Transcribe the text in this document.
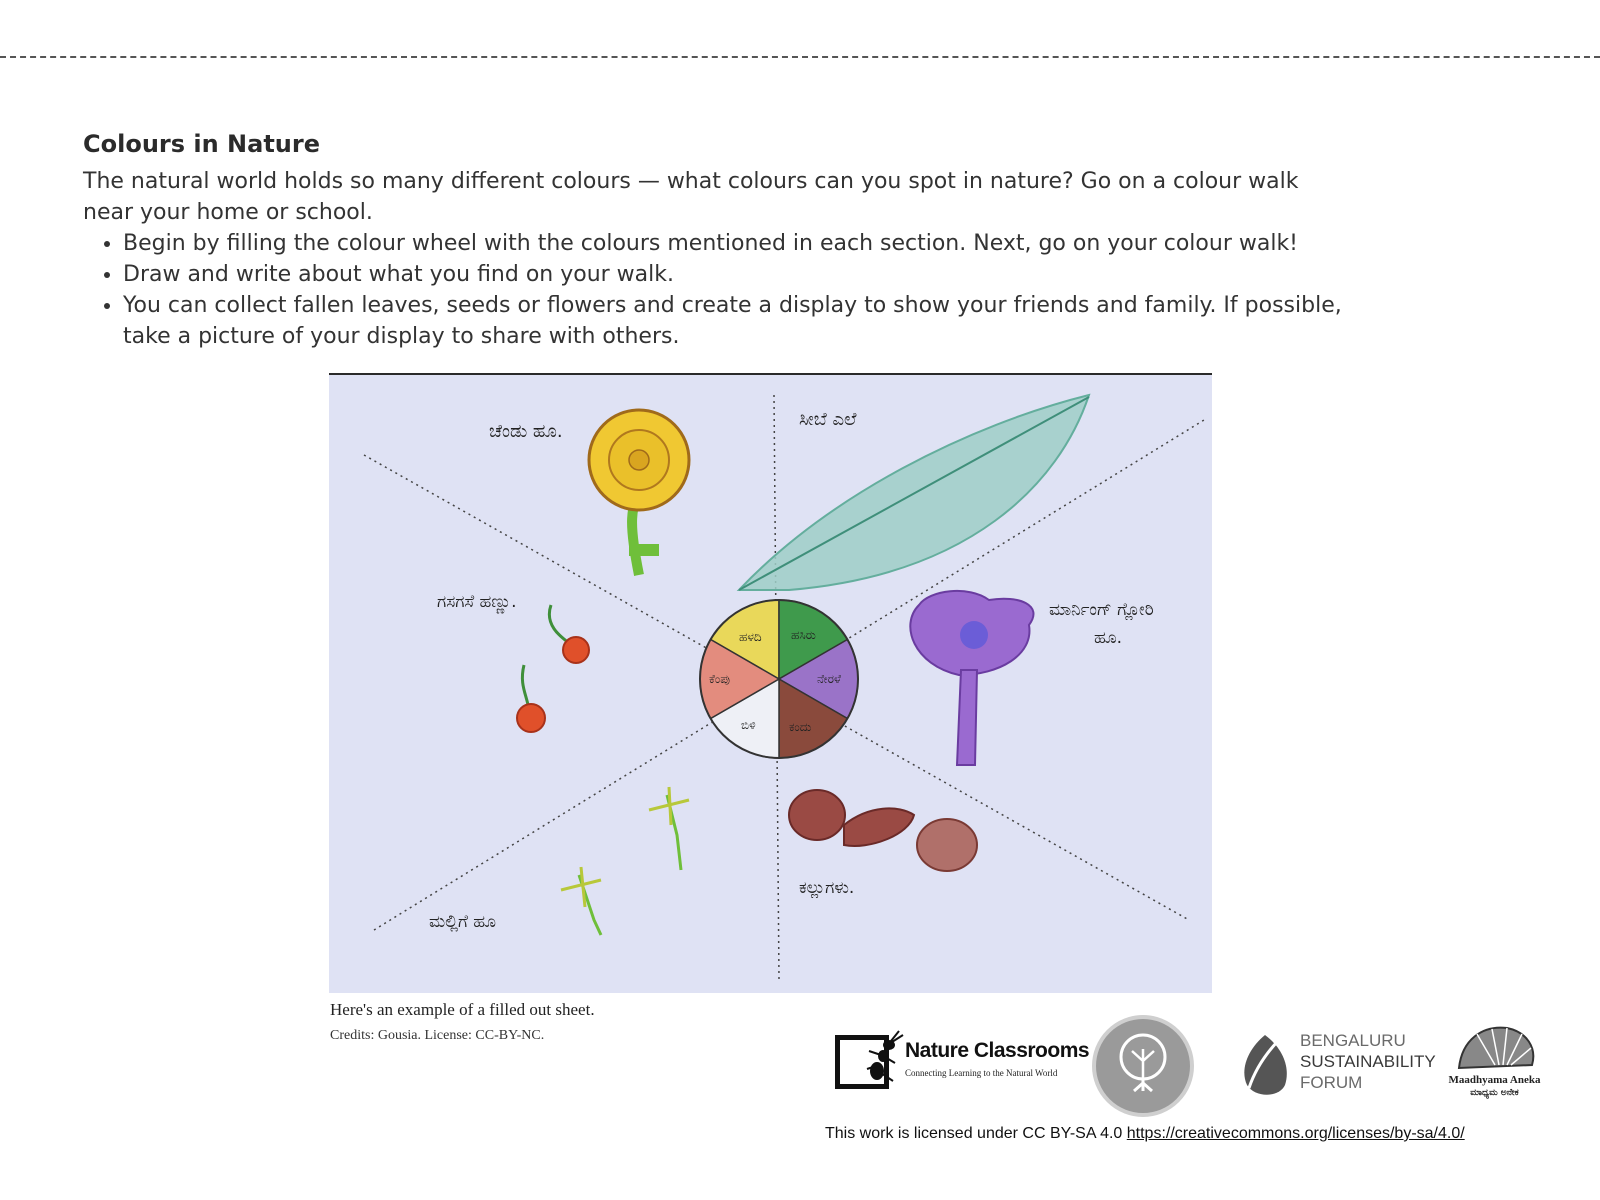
Colours in Nature

The natural world holds so many different colours — what colours can you spot in nature? Go on a colour walk near your home or school.

• Begin by filling the colour wheel with the colours mentioned in each section. Next, go on your colour walk!
• Draw and write about what you find on your walk.
• You can collect fallen leaves, seeds or flowers and create a display to show your friends and family. If possible, take a picture of your display to share with others.
ಚೆಂಡು ಹೂ.
ಸೀಬೆ ಎಲೆ
ಗಸಗಸೆ ಹಣ್ಣು.	ಮಾರ್ನಿಂಗ್ ಗ್ಲೋರಿ
ಹೂ.
ಹಳದಿ ಹಸಿರು
ನೇರಳೆ
ಕಂದು
ಬಿಳಿ
ಕೆಂಪು
ಮಲ್ಲಿಗೆ ಹೂ
ಕಲ್ಲುಗಳು.
Here's an example of a filled out sheet.
Credits: Gousia. License: CC-BY-NC.
Nature Classrooms
Connecting Learning to the Natural World
BENGALURU
SUSTAINABILITY
FORUM	Maadhyama Aneka
ಮಾಧ್ಯಮ ಅನೇಕ
This work is licensed under CC BY-SA 4.0 https://creativecommons.org/licenses/by-sa/4.0/
